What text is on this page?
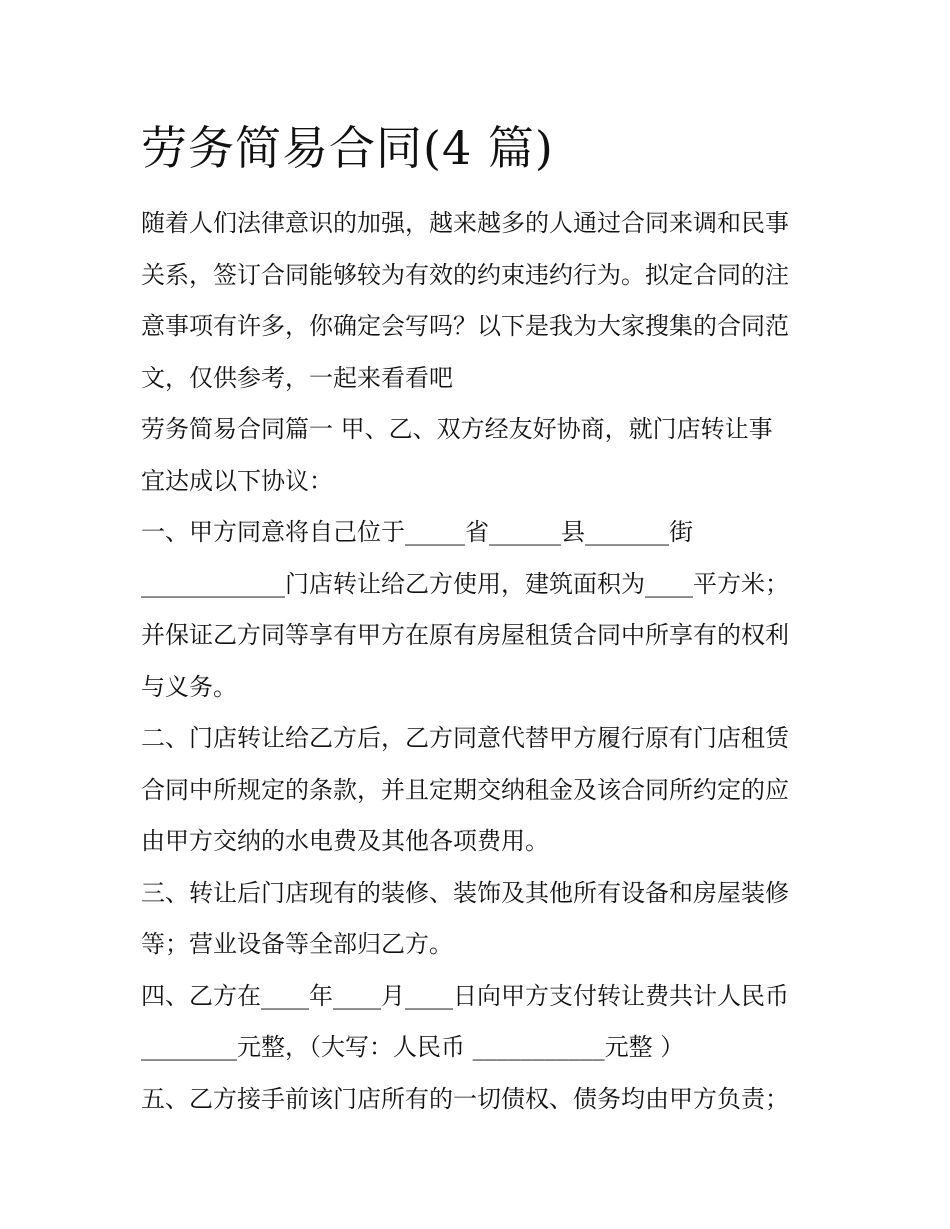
劳务简易合同(4 篇)
随着人们法律意识的加强，越来越多的人通过合同来调和民事
关系，签订合同能够较为有效的约束违约行为。拟定合同的注
意事项有许多，你确定会写吗？以下是我为大家搜集的合同范
文，仅供参考，一起来看看吧
劳务简易合同篇一 甲、乙、双方经友好协商，就门店转让事
宜达成以下协议：
一、甲方同意将自己位于_____省______县_______街
____________门店转让给乙方使用，建筑面积为____平方米；
并保证乙方同等享有甲方在原有房屋租赁合同中所享有的权利
与义务。
二、门店转让给乙方后，乙方同意代替甲方履行原有门店租赁
合同中所规定的条款，并且定期交纳租金及该合同所约定的应
由甲方交纳的水电费及其他各项费用。
三、转让后门店现有的装修、装饰及其他所有设备和房屋装修
等；营业设备等全部归乙方。
四、乙方在____年____月____日向甲方支付转让费共计人民币
________元整，（大写：人民币 ___________元整 ）
五、乙方接手前该门店所有的一切债权、债务均由甲方负责；
